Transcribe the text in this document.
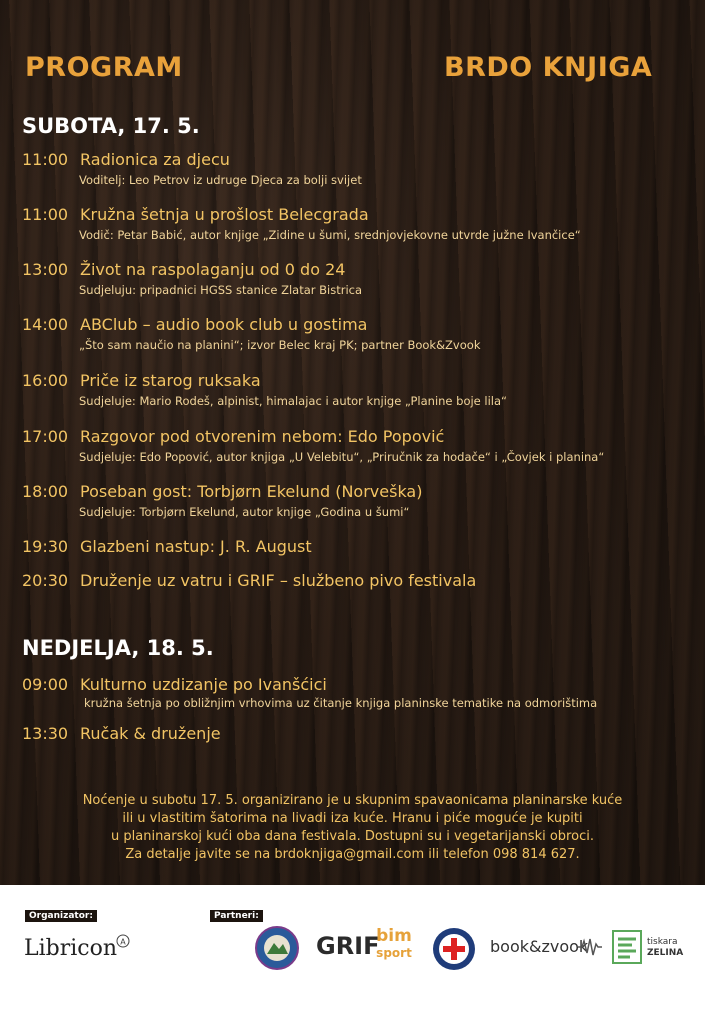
PROGRAM	BRDO KNJIGA
SUBOTA, 17. 5.
11:00 Radionica za djecu
Voditelj: Leo Petrov iz udruge Djeca za bolji svijet
11:00 Kružna šetnja u prošlost Belecgrada
Vodič: Petar Babić, autor knjige „Zidine u šumi, srednjovjekovne utvrde južne Ivančice“
13:00 Život na raspolaganju od 0 do 24
Sudjeluju: pripadnici HGSS stanice Zlatar Bistrica
14:00 ABClub – audio book club u gostima
„Što sam naučio na planini“; izvor Belec kraj PK; partner Book&Zvook
16:00 Priče iz starog ruksaka
Sudjeluje: Mario Rodeš, alpinist, himalajac i autor knjige „Planine boje lila“
17:00 Razgovor pod otvorenim nebom: Edo Popović
Sudjeluje: Edo Popović, autor knjiga „U Velebitu“, „Priručnik za hodače“ i „Čovjek i planina“
18:00 Poseban gost: Torbjørn Ekelund (Norveška)
Sudjeluje: Torbjørn Ekelund, autor knjige „Godina u šumi“
19:30 Glazbeni nastup: J. R. August
20:30 Druženje uz vatru i GRIF – službeno pivo festivala
NEDJELJA, 18. 5.
09:00 Kulturno uzdizanje po Ivanšćici
kružna šetnja po obližnjim vrhovima uz čitanje knjiga planinske tematike na odmorištima
13:30 Ručak & druženje
Noćenje u subotu 17. 5. organizirano je u skupnim spavaonicama planinarske kuće
ili u vlastitim šatorima na livadi iza kuće. Hranu i piće moguće je kupiti
u planinarskoj kući oba dana festivala. Dostupni su i vegetarijanski obroci.
Za detalje javite se na brdoknjiga@gmail.com ili telefon 098 814 627.
Organizator:	Partneri:
Libricon A	GRIF
bim
sport	book&zvook	tiskara
ZELINA
